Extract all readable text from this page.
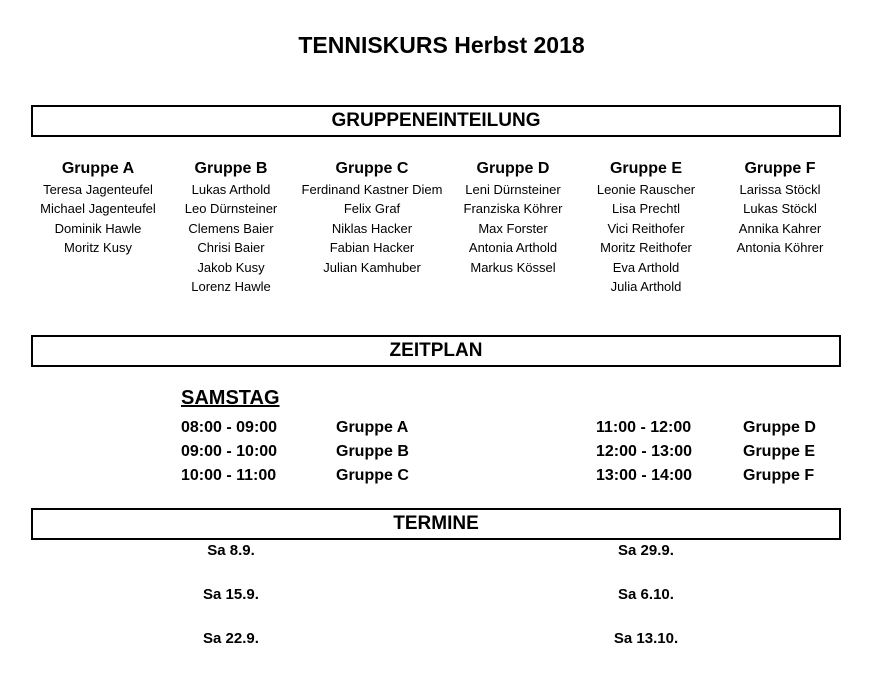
TENNISKURS Herbst 2018
GRUPPENEINTEILUNG
Gruppe A
Teresa Jagenteufel
Michael Jagenteufel
Dominik Hawle
Moritz Kusy
Gruppe B
Lukas Arthold
Leo Dürnsteiner
Clemens Baier
Chrisi Baier
Jakob Kusy
Lorenz Hawle
Gruppe C
Ferdinand Kastner Diem
Felix Graf
Niklas Hacker
Fabian Hacker
Julian Kamhuber
Gruppe D
Leni Dürnsteiner
Franziska Köhrer
Max Forster
Antonia Arthold
Markus Kössel
Gruppe E
Leonie Rauscher
Lisa Prechtl
Vici Reithofer
Moritz Reithofer
Eva Arthold
Julia Arthold
Gruppe F
Larissa Stöckl
Lukas Stöckl
Annika Kahrer
Antonia Köhrer
ZEITPLAN
SAMSTAG
08:00 - 09:00
09:00 - 10:00
10:00 - 11:00
Gruppe A
Gruppe B
Gruppe C
11:00 - 12:00
12:00 - 13:00
13:00 - 14:00
Gruppe D
Gruppe E
Gruppe F
TERMINE
Sa 8.9.
Sa 15.9.
Sa 22.9.
Sa 29.9.
Sa 6.10.
Sa 13.10.
